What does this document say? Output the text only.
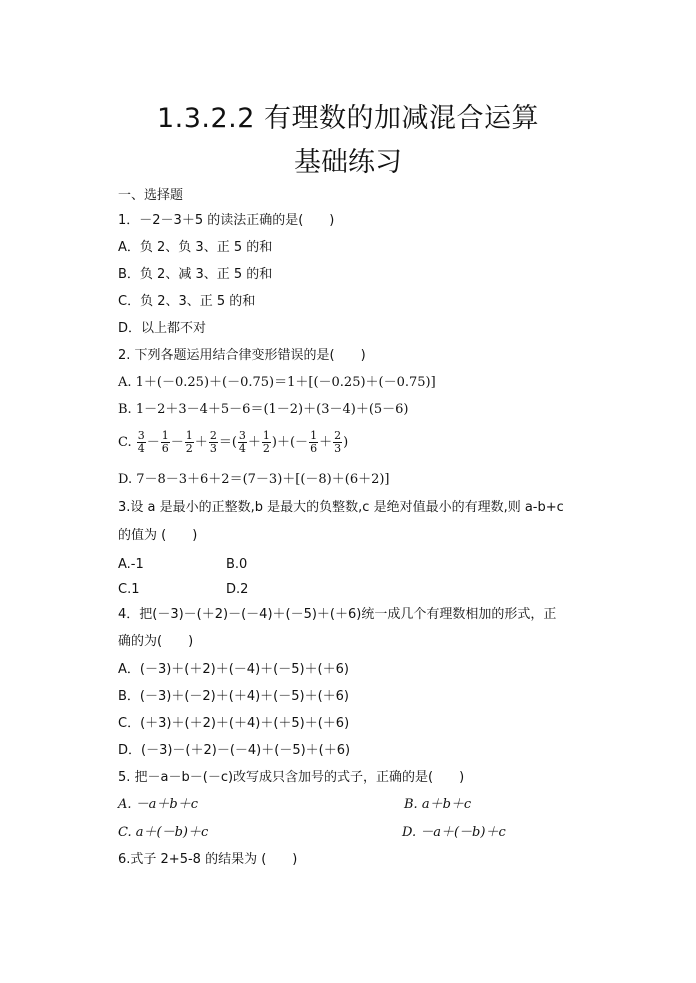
1.3.2.2 有理数的加减混合运算
基础练习
一、选择题
1．－2－3＋5 的读法正确的是(　　)
A．负 2、负 3、正 5 的和
B．负 2、减 3、正 5 的和
C．负 2、3、正 5 的和
D．以上都不对
2. 下列各题运用结合律变形错误的是(　　)
A. 1＋(－0.25)＋(－0.75)＝1＋[(－0.25)＋(－0.75)]
B. 1－2＋3－4＋5－6＝(1－2)＋(3－4)＋(5－6)
C. $\frac{3}{4} - \frac{1}{6} - \frac{1}{2} + \frac{2}{3}$ ＝( $\frac{3}{4} + \frac{1}{2}$ )＋(－ $\frac{1}{6} + \frac{2}{3}$ )
D. 7－8－3＋6＋2＝(7－3)＋[(－8)＋(6＋2)]
3.设 a 是最小的正整数,b 是最大的负整数,c 是绝对值最小的有理数,则 a-b+c
的值为 (　　)
A.-1	B.0
C.1	D.2
4．把(－3)－(＋2)－(－4)＋(－5)＋(＋6)统一成几个有理数相加的形式，正
确的为(　　)
A．(－3)＋(＋2)＋(－4)＋(－5)＋(＋6)
B．(－3)＋(－2)＋(＋4)＋(－5)＋(＋6)
C．(＋3)＋(＋2)＋(＋4)＋(＋5)＋(＋6)
D．(－3)－(＋2)－(－4)＋(－5)＋(＋6)
5. 把－a－b－(－c)改写成只含加号的式子，正确的是(　　)
A. －a＋b＋c	B. a＋b＋c
C. a＋(－b)＋c	D. －a＋(－b)＋c
6.式子 2+5-8 的结果为 (　　)
